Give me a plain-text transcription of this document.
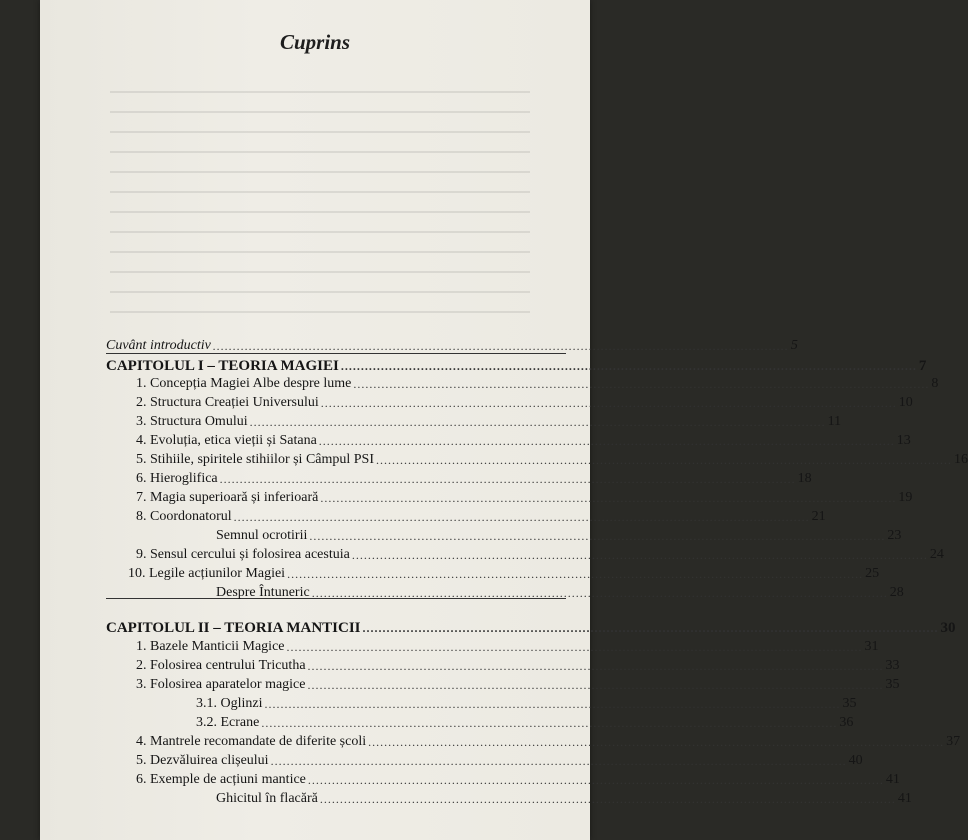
Cuprins
Cuvânt introductiv ................................................................................................................................................ 5
CAPITOLUL I – TEORIA MAGIEI ................................................................................................................................................ 7
1. Concepția Magiei Albe despre lume ................................................................................................................................................ 8
2. Structura Creației Universului ................................................................................................................................................ 10
3. Structura Omului ................................................................................................................................................ 11
4. Evoluția, etica vieții și Satana ................................................................................................................................................ 13
5. Stihiile, spiritele stihiilor și Câmpul PSI ................................................................................................................................................ 16
6. Hieroglifica ................................................................................................................................................ 18
7. Magia superioară și inferioară ................................................................................................................................................ 19
8. Coordonatorul ................................................................................................................................................ 21
Semnul ocrotirii ................................................................................................................................................ 23
9. Sensul cercului și folosirea acestuia ................................................................................................................................................ 24
10. Legile acțiunilor Magiei ................................................................................................................................................ 25
Despre Întuneric ................................................................................................................................................ 28
CAPITOLUL II – TEORIA MANTICII ................................................................................................................................................ 30
1. Bazele Manticii Magice ................................................................................................................................................ 31
2. Folosirea centrului Tricutha ................................................................................................................................................ 33
3. Folosirea aparatelor magice ................................................................................................................................................ 35
3.1. Oglinzi ................................................................................................................................................ 35
3.2. Ecrane ................................................................................................................................................ 36
4. Mantrele recomandate de diferite școli ................................................................................................................................................ 37
5. Dezvăluirea clișeului ................................................................................................................................................ 40
6. Exemple de acțiuni mantice ................................................................................................................................................ 41
Ghicitul în flacără ................................................................................................................................................ 41
